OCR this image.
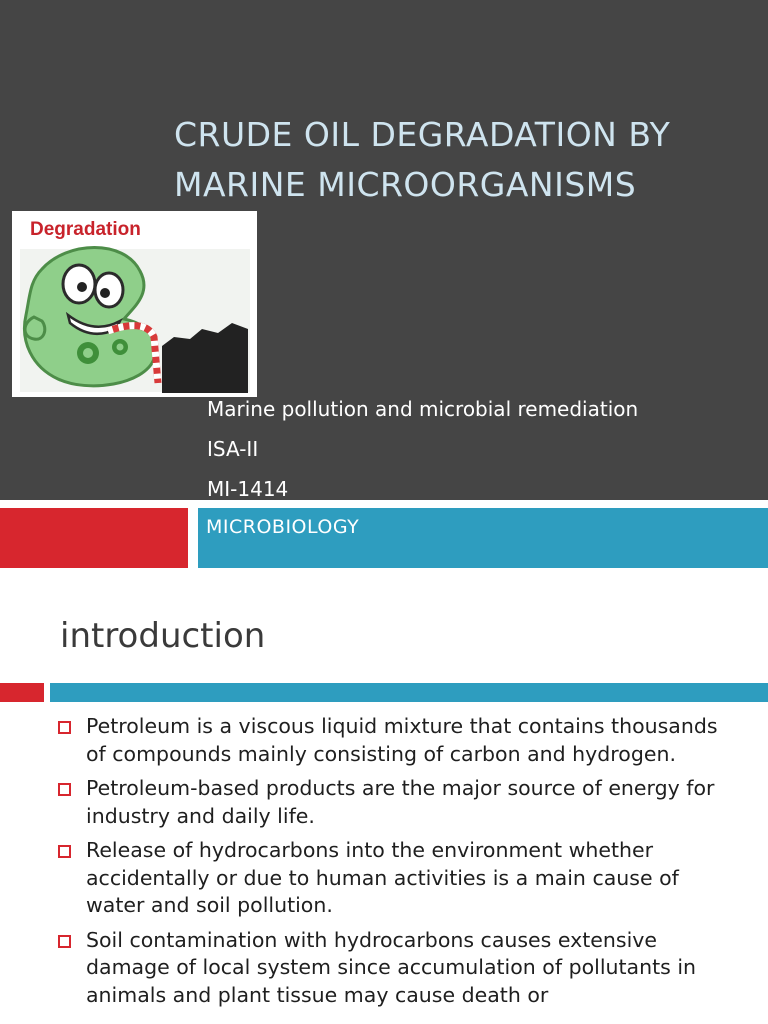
CRUDE OIL DEGRADATION BY
MARINE MICROORGANISMS
Degradation
Marine pollution and microbial remediation
ISA-II
MI-1414
MICROBIOLOGY
introduction
Petroleum is a viscous liquid mixture that contains thousands of compounds mainly consisting of carbon and hydrogen.
Petroleum-based products are the major source of energy for industry and daily life.
Release of hydrocarbons into the environment whether accidentally or due to human activities is a main cause of water and soil pollution.
Soil contamination with hydrocarbons causes extensive damage of local system since accumulation of pollutants in animals and plant tissue may cause death or
